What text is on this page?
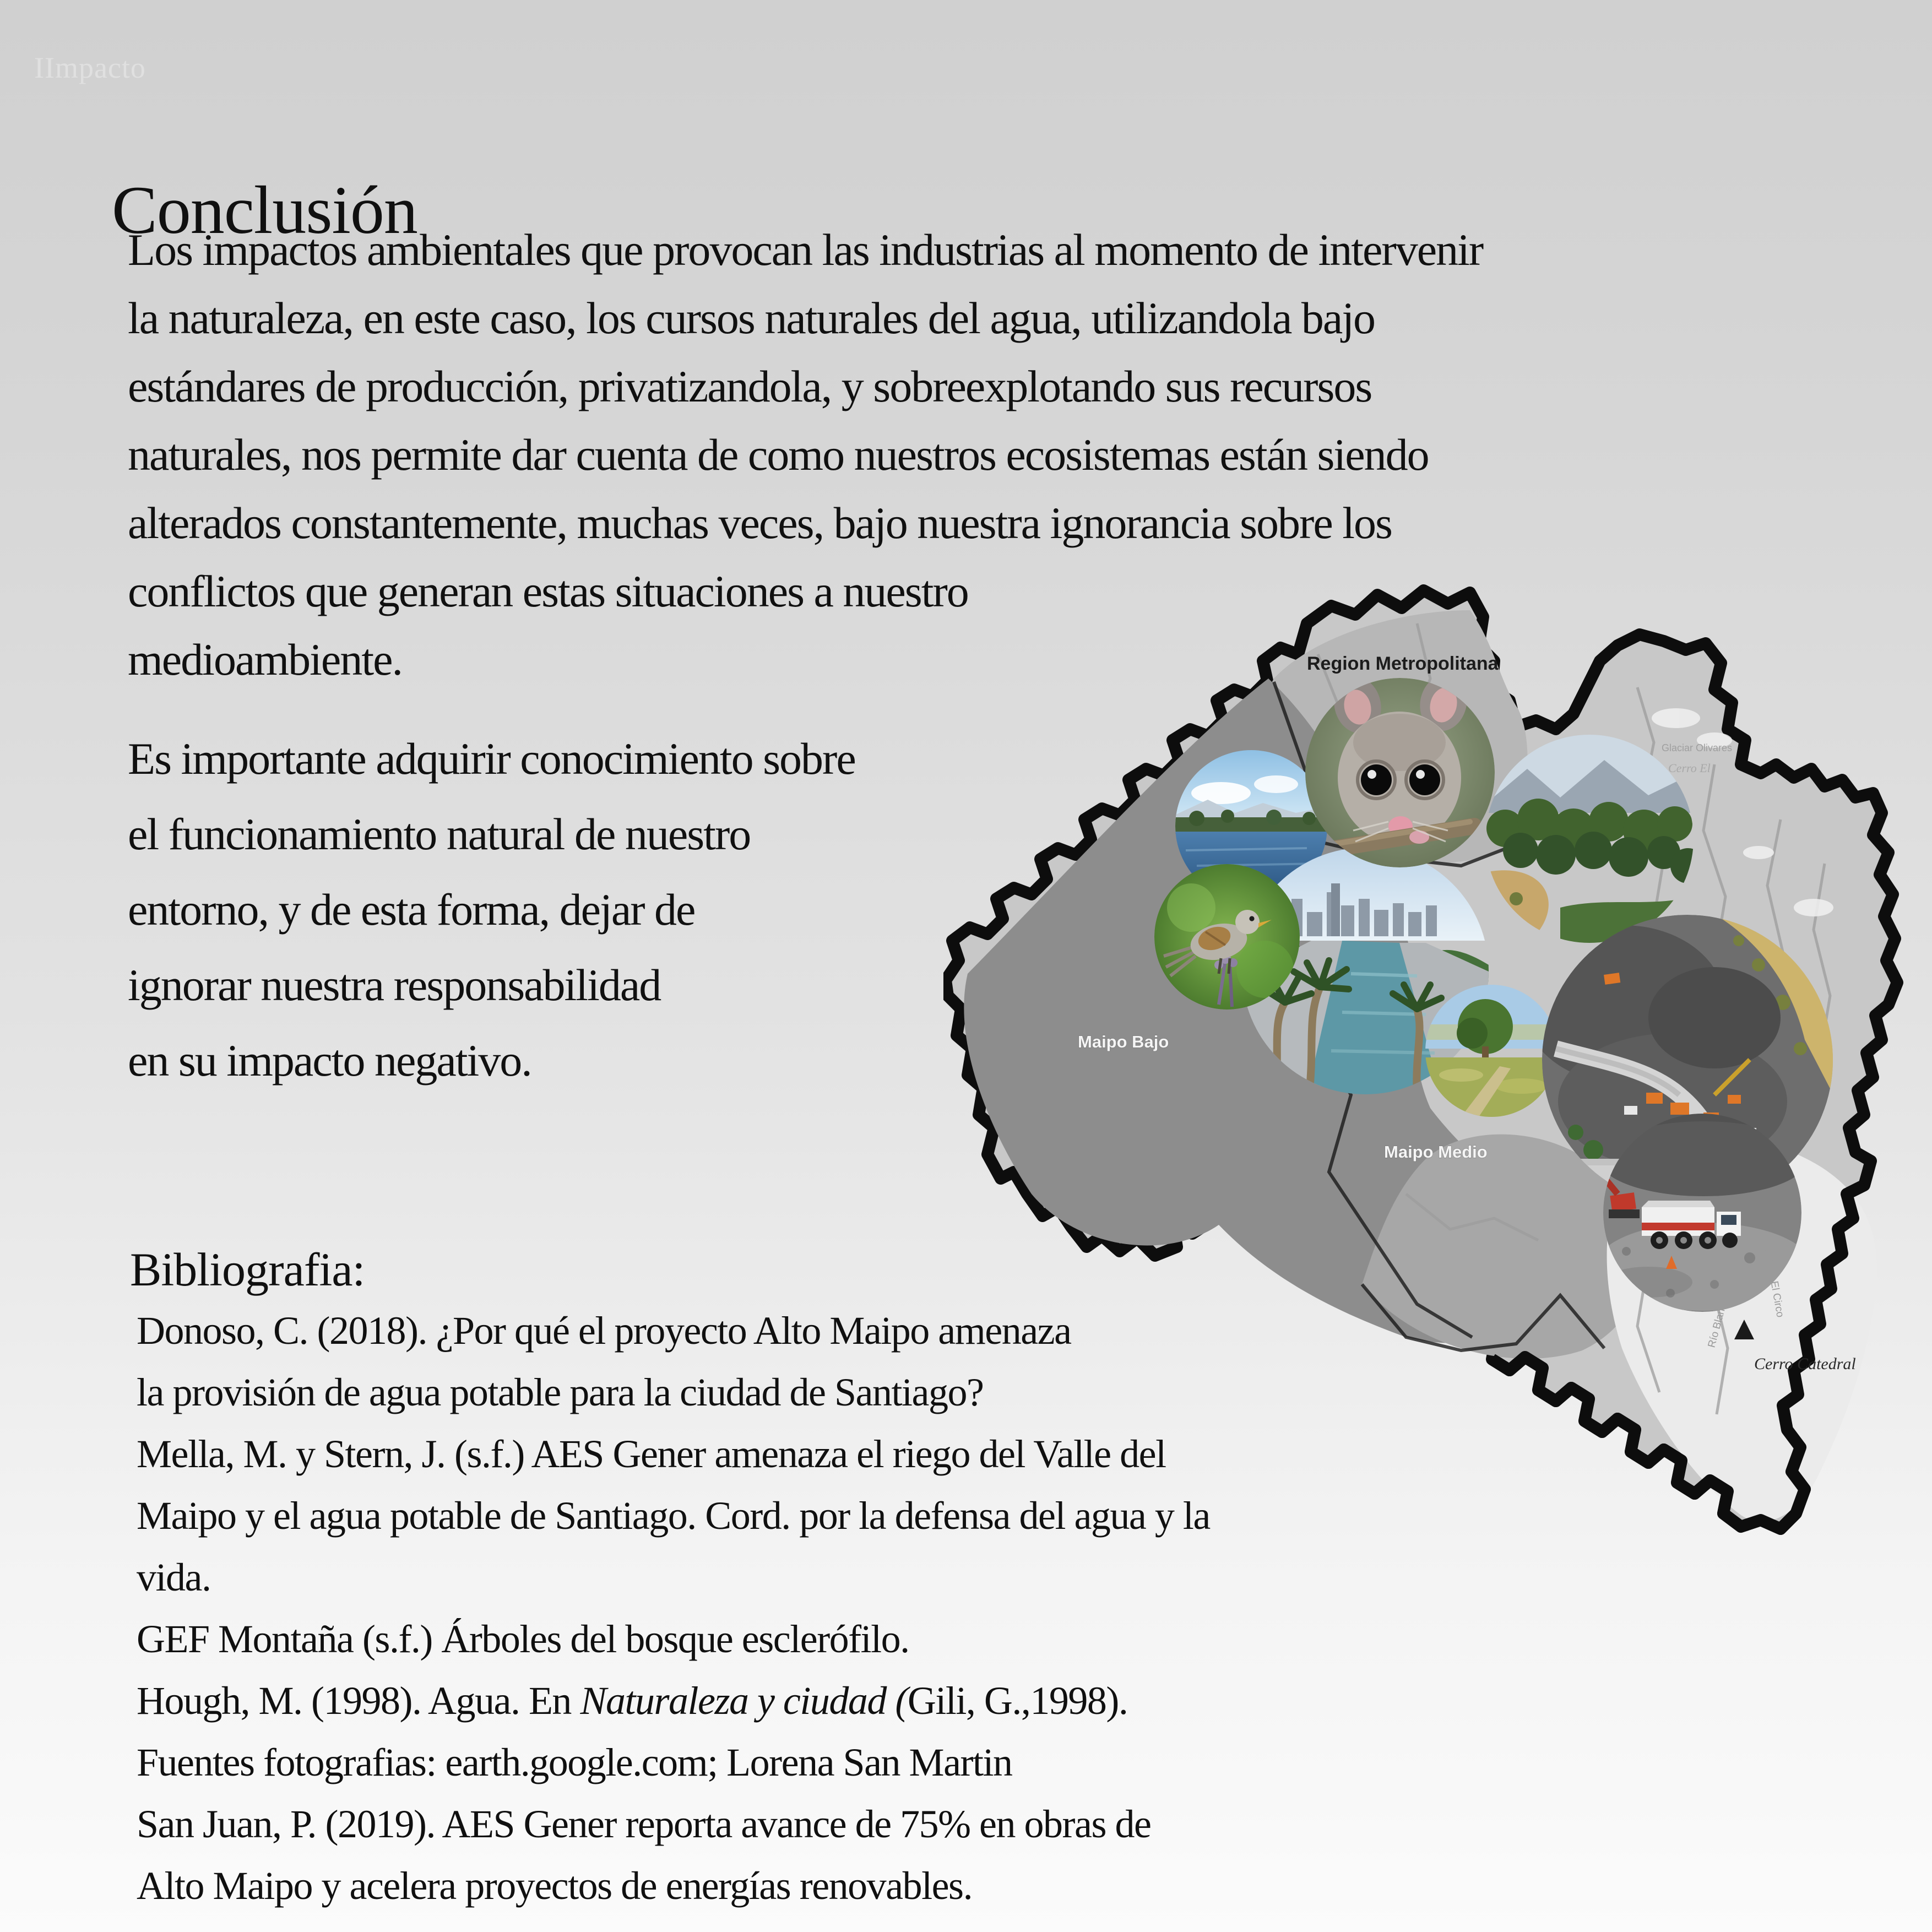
IImpacto
Conclusión
Los impactos ambientales que provocan las industrias al momento de intervenir
la naturaleza, en este caso, los cursos naturales del agua, utilizandola bajo
estándares de producción, privatizandola, y sobreexplotando sus recursos
naturales, nos permite dar cuenta de como nuestros ecosistemas están siendo
alterados constantemente, muchas veces, bajo nuestra ignorancia sobre los
conflictos que generan estas situaciones a nuestro
medioambiente.
Es importante adquirir conocimiento sobre
el funcionamiento natural de nuestro
entorno, y de esta forma, dejar de
ignorar nuestra responsabilidad
en su impacto negativo.
Bibliografia:
Donoso, C. (2018). ¿Por qué el proyecto Alto Maipo amenaza
la provisión de agua potable para la ciudad de Santiago?
Mella, M. y Stern, J. (s.f.) AES Gener amenaza el riego del Valle del
Maipo y el agua potable de Santiago. Cord. por la defensa del agua y la
vida.
GEF Montaña (s.f.) Árboles del bosque esclerófilo.
Hough, M. (1998). Agua. En Naturaleza y ciudad (Gili, G.,1998).
Fuentes fotografias: earth.google.com; Lorena San Martin
San Juan, P. (2019). AES Gener reporta avance de 75% en obras de
Alto Maipo y acelera proyectos de energías renovables.
Region Metropolitana
Maipo Bajo
Maipo Medio
Cerro Catedral
Glaciar Olivares
Cerro El
Río Blanco
Estero El Circo
